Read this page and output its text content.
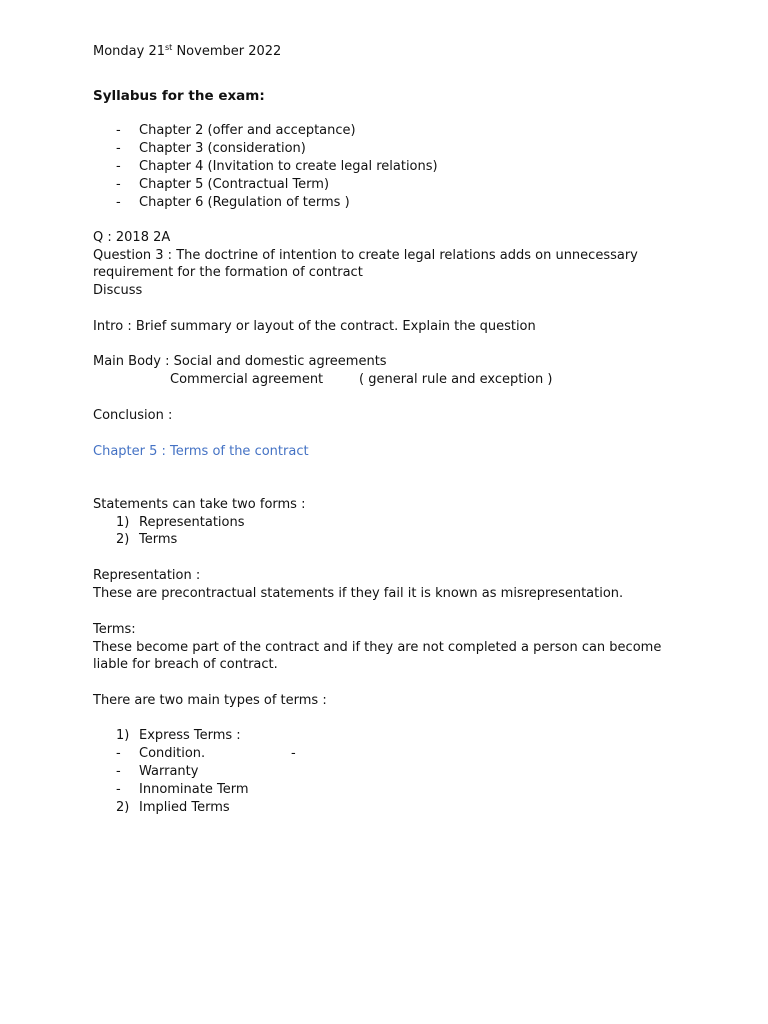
Monday 21st November 2022
Syllabus for the exam:
-	Chapter 2 (offer and acceptance)
-	Chapter 3 (consideration)
-	Chapter 4 (Invitation to create legal relations)
-	Chapter 5 (Contractual Term)
-	Chapter 6 (Regulation of terms )
Q : 2018 2A
Question 3 : The doctrine of intention to create legal relations adds on unnecessary
requirement for the formation of contract
Discuss
Intro : Brief summary or layout of the contract. Explain the question
Main Body : Social and domestic agreements
Commercial agreement	( general rule and exception )
Conclusion :
Chapter 5 : Terms of the contract
Statements can take two forms :
1) Representations
2) Terms
Representation :
These are precontractual statements if they fail it is known as misrepresentation.
Terms:
These become part of the contract and if they are not completed a person can become
liable for breach of contract.
There are two main types of terms :
1) Express Terms :
-	Condition.	-
-	Warranty
-	Innominate Term
2) Implied Terms
